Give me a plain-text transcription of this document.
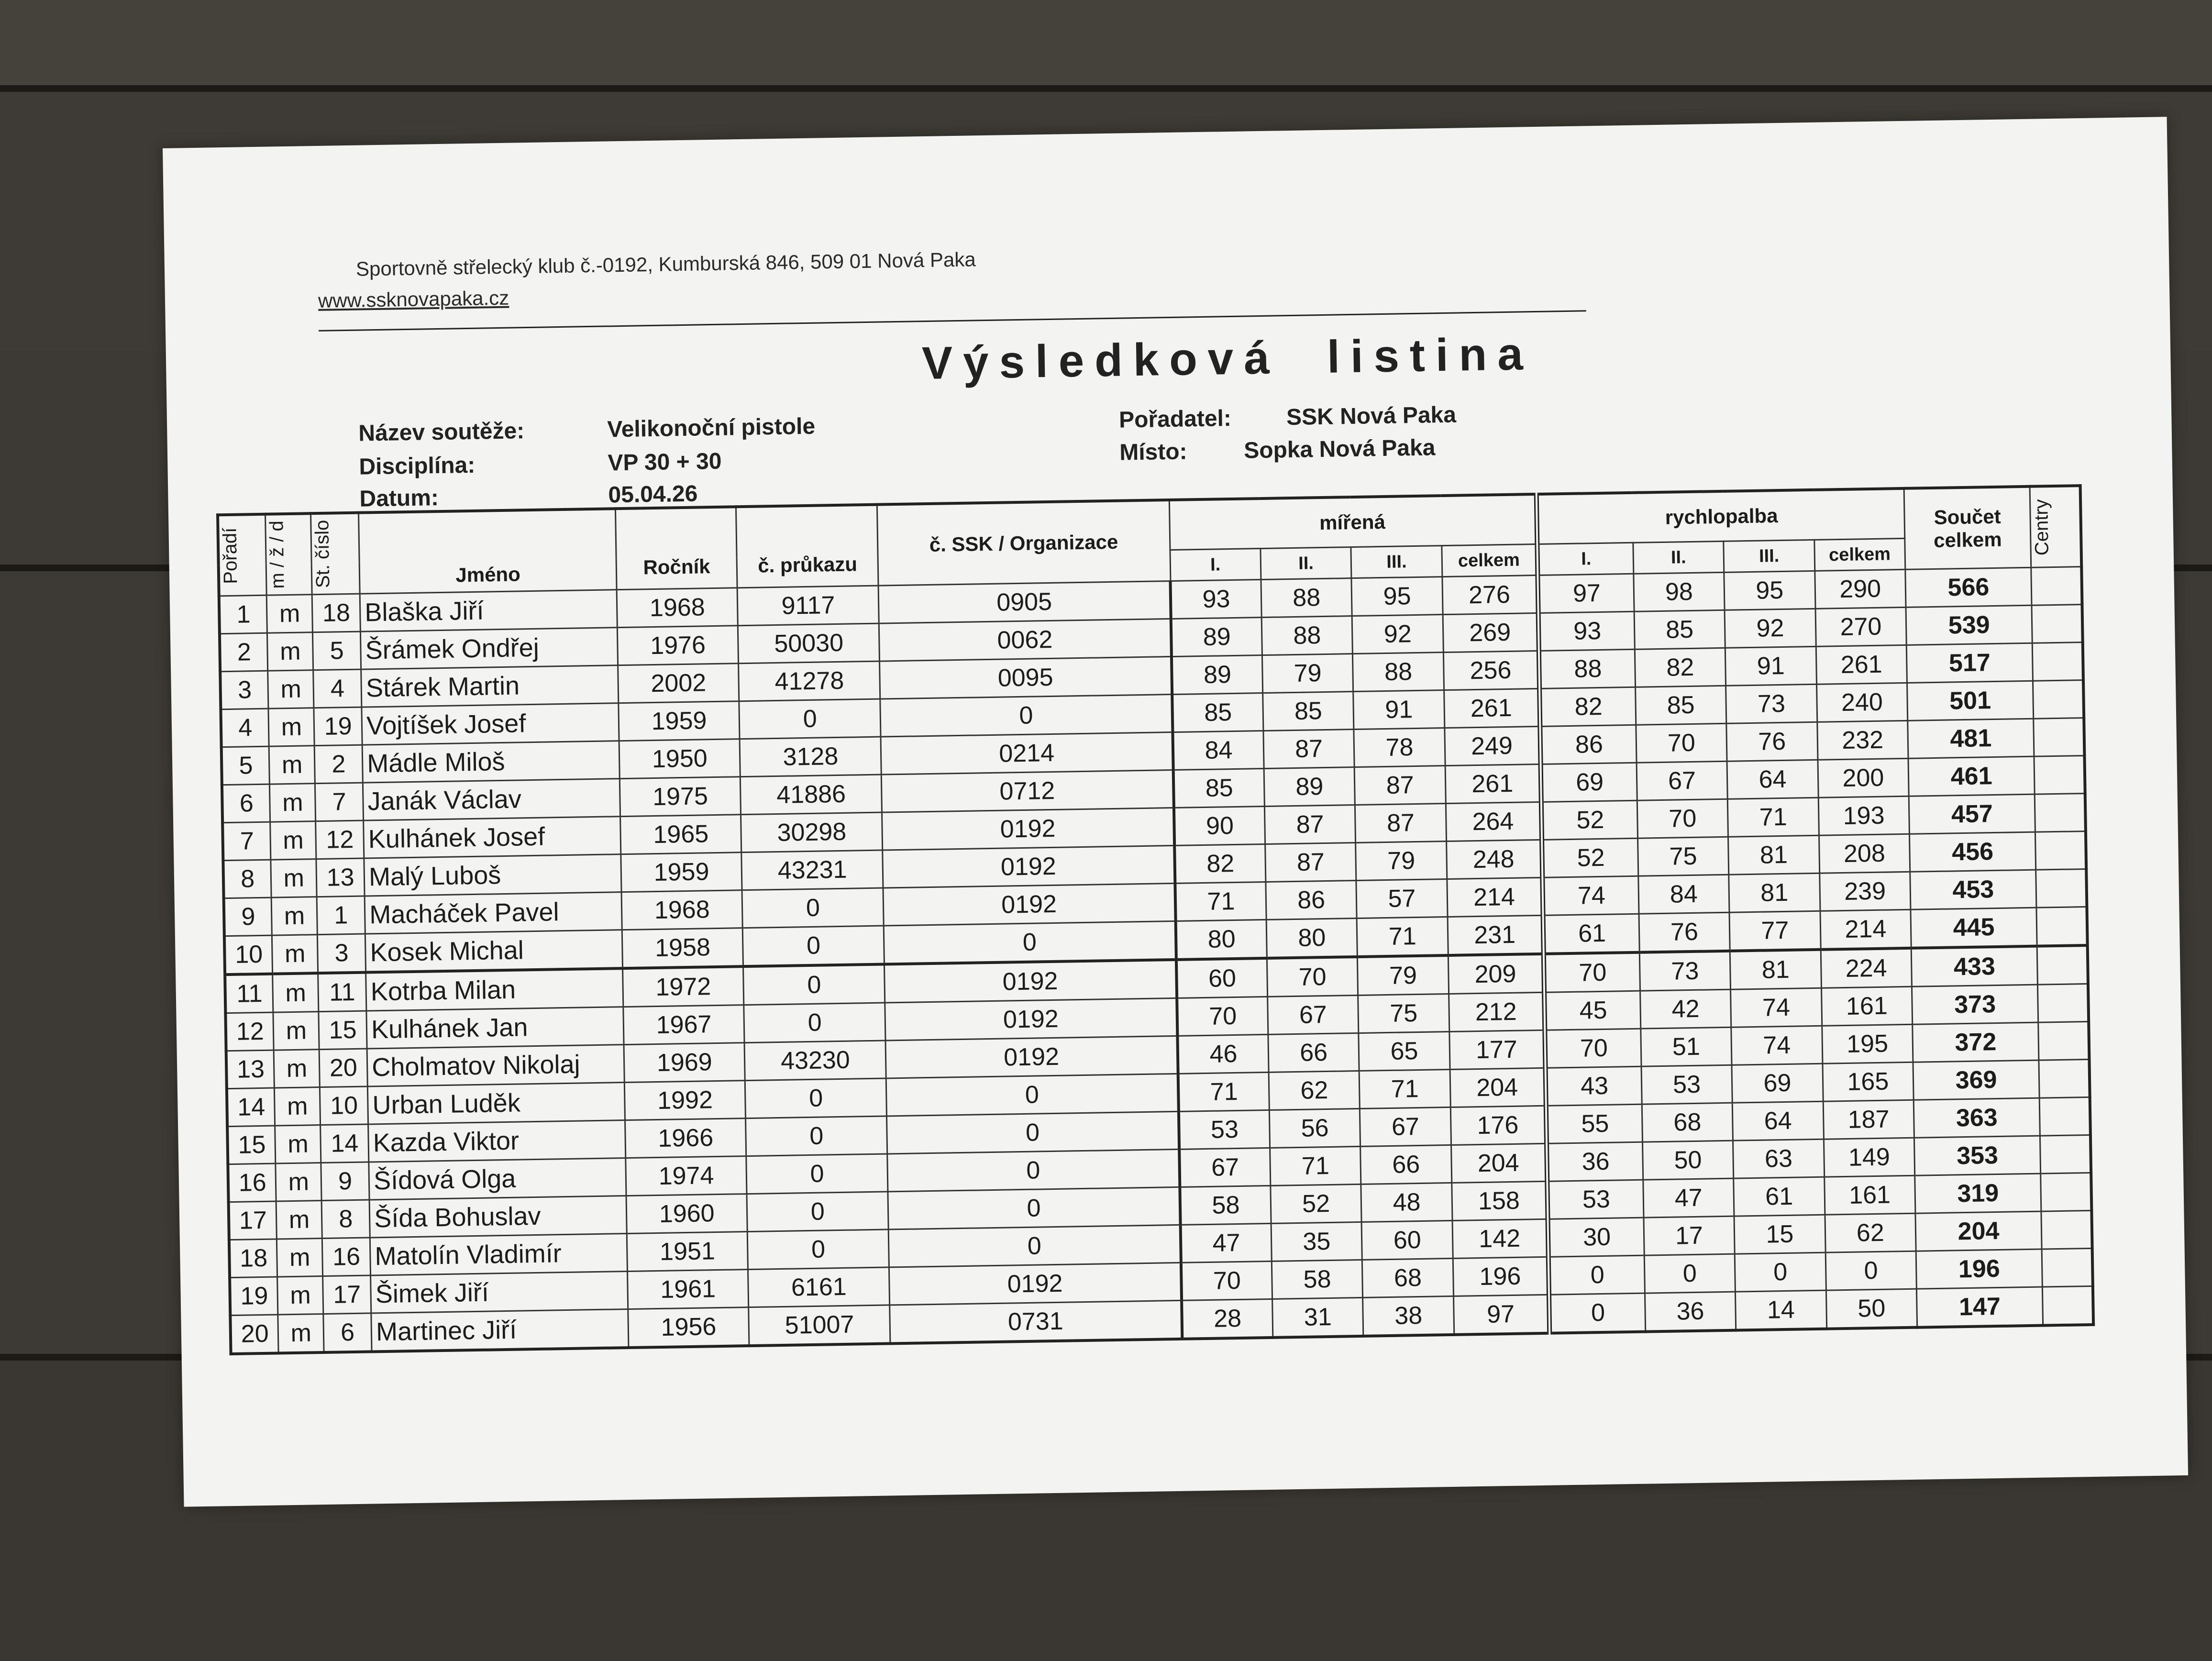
Sportovně střelecký klub č.-0192, Kumburská 846, 509 01 Nová Paka
www.ssknovapaka.cz
Výsledková listina
Název soutěže:	Velikonoční pistole
Disciplína:	VP 30 + 30
Datum:	05.04.26
Pořadatel: SSK Nová Paka
Místo: Sopka Nová Paka
Pořadí	m / ž / d	St. číslo	Jméno	Ročník	č. průkazu	č. SSK / Organizace	mířená				rychlopalba				Součet
celkem	Centry

							I.	II.	III.	celkem	I.	II.	III.	celkem		
1	m	18	Blaška Jiří	1968	9117	0905	93	88	95	276	97	98	95	290	566	
2	m	5	Šrámek Ondřej	1976	50030	0062	89	88	92	269	93	85	92	270	539	
3	m	4	Stárek Martin	2002	41278	0095	89	79	88	256	88	82	91	261	517	
4	m	19	Vojtíšek Josef	1959	0	0	85	85	91	261	82	85	73	240	501	
5	m	2	Mádle Miloš	1950	3128	0214	84	87	78	249	86	70	76	232	481	
6	m	7	Janák Václav	1975	41886	0712	85	89	87	261	69	67	64	200	461	
7	m	12	Kulhánek Josef	1965	30298	0192	90	87	87	264	52	70	71	193	457	
8	m	13	Malý Luboš	1959	43231	0192	82	87	79	248	52	75	81	208	456	
9	m	1	Macháček Pavel	1968	0	0192	71	86	57	214	74	84	81	239	453	
10	m	3	Kosek Michal	1958	0	0	80	80	71	231	61	76	77	214	445	
11	m	11	Kotrba Milan	1972	0	0192	60	70	79	209	70	73	81	224	433	
12	m	15	Kulhánek Jan	1967	0	0192	70	67	75	212	45	42	74	161	373	
13	m	20	Cholmatov Nikolaj	1969	43230	0192	46	66	65	177	70	51	74	195	372	
14	m	10	Urban Luděk	1992	0	0	71	62	71	204	43	53	69	165	369	
15	m	14	Kazda Viktor	1966	0	0	53	56	67	176	55	68	64	187	363	
16	m	9	Šídová Olga	1974	0	0	67	71	66	204	36	50	63	149	353	
17	m	8	Šída Bohuslav	1960	0	0	58	52	48	158	53	47	61	161	319	
18	m	16	Matolín Vladimír	1951	0	0	47	35	60	142	30	17	15	62	204	
19	m	17	Šimek Jiří	1961	6161	0192	70	58	68	196	0	0	0	0	196	
20	m	6	Martinec Jiří	1956	51007	0731	28	31	38	97	0	36	14	50	147	
